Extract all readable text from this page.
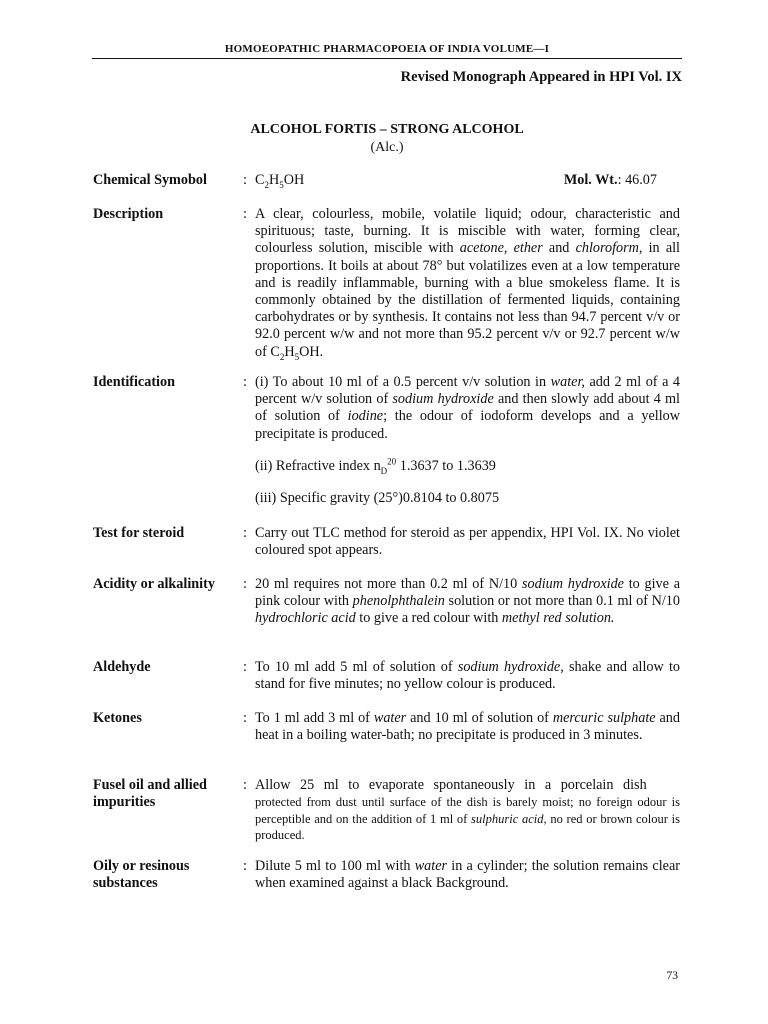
HOMOEOPATHIC PHARMACOPOEIA OF INDIA VOLUME—I
Revised Monograph Appeared in HPI Vol. IX
ALCOHOL FORTIS – STRONG ALCOHOL
(Alc.)
Chemical Symobol	: $C_2H_5OH$	Mol. Wt.: 46.07
Description	: A clear, colourless, mobile, volatile liquid; odour, characteristic and spirituous; taste, burning. It is miscible with water, forming clear, colourless solution, miscible with acetone, ether and chloroform, in all proportions. It boils at about 78° but volatilizes even at a low temperature and is readily inflammable, burning with a blue smokeless flame. It is commonly obtained by the distillation of fermented liquids, containing carbohydrates or by synthesis. It contains not less than 94.7 percent v/v or 92.0 percent w/w and not more than 95.2 percent v/v or 92.7 percent w/w of $C_2H_5OH$.
Identification	: (i) To about 10 ml of a 0.5 percent v/v solution in water, add 2 ml of a 4 percent w/v solution of sodium hydroxide and then slowly add about 4 ml of solution of iodine; the odour of iodoform develops and a yellow precipitate is produced.

(ii) Refractive index $n_D^{20}$ 1.3637 to 1.3639

(iii) Specific gravity (25°)0.8104 to 0.8075

Test for steroid	: Carry out TLC method for steroid as per appendix, HPI Vol. IX. No violet coloured spot appears.
Acidity or alkalinity	: 20 ml requires not more than 0.2 ml of N/10 sodium hydroxide to give a pink colour with phenolphthalein solution or not more than 0.1 ml of N/10 hydrochloric acid to give a red colour with methyl red solution.
Aldehyde	: To 10 ml add 5 ml of solution of sodium hydroxide, shake and allow to stand for five minutes; no yellow colour is produced.
Ketones	: To 1 ml add 3 ml of water and 10 ml of solution of mercuric sulphate and heat in a boiling water-bath; no precipitate is produced in 3 minutes.
Fusel oil and allied impurities
: Allow 25 ml to evaporate spontaneously in a porcelain dish
protected from dust until surface of the dish is barely moist; no foreign odour is perceptible and on the addition of 1 ml of sulphuric acid, no red or brown colour is produced.
Oily or resinous substances
: Dilute 5 ml to 100 ml with water in a cylinder; the solution remains clear when examined against a black Background.
73
